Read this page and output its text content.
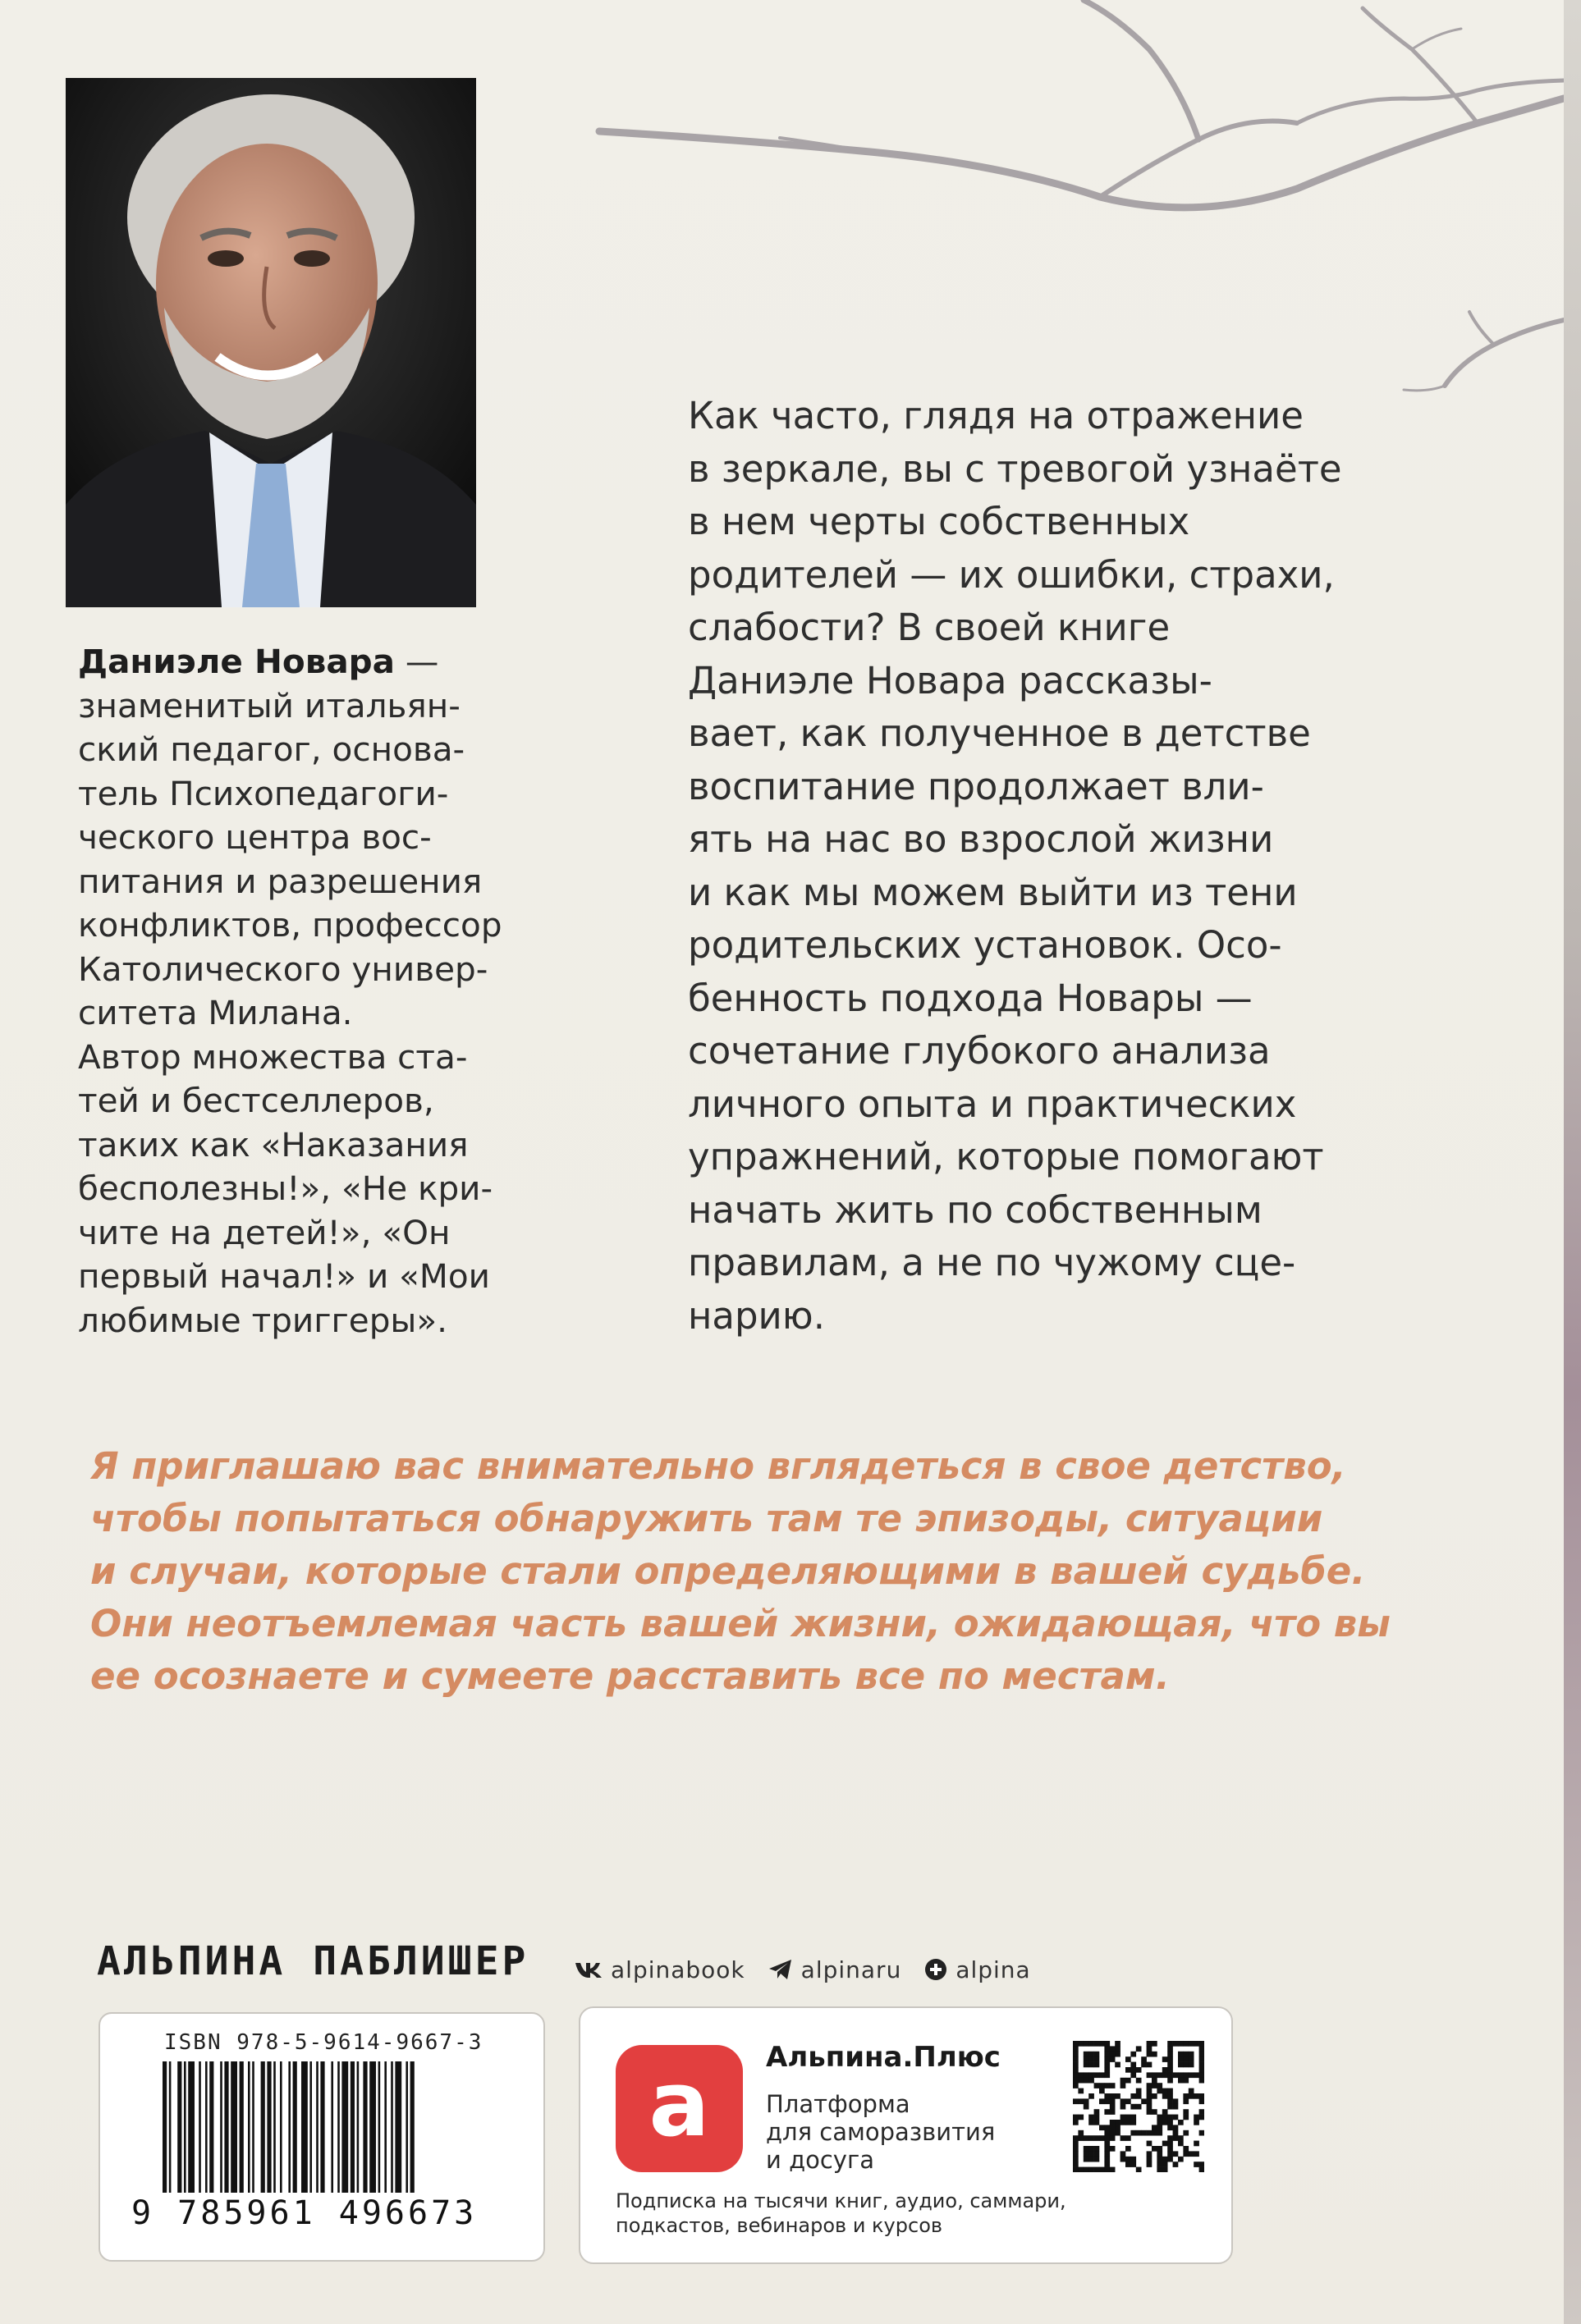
Даниэле Новара —
знаменитый итальян-
ский педагог, основа-
тель Психопедагоги-
ческого центра вос-
питания и разрешения
конфликтов, профессор
Католического универ-
ситета Милана.
Автор множества ста-
тей и бестселлеров,
таких как «Наказания
бесполезны!», «Не кри-
чите на детей!», «Он
первый начал!» и «Мои
любимые триггеры».
Как часто, глядя на отражение
в зеркале, вы с тревогой узнаёте
в нем черты собственных
родителей — их ошибки, страхи,
слабости? В своей книге
Даниэле Новара рассказы-
вает, как полученное в детстве
воспитание продолжает вли-
ять на нас во взрослой жизни
и как мы можем выйти из тени
родительских установок. Осо-
бенность подхода Новары —
сочетание глубокого анализа
личного опыта и практических
упражнений, которые помогают
начать жить по собственным
правилам, а не по чужому сце-
нарию.
Я приглашаю вас внимательно вглядеться в свое детство,
чтобы попытаться обнаружить там те эпизоды, ситуации
и случаи, которые стали определяющими в вашей судьбе.
Они неотъемлемая часть вашей жизни, ожидающая, что вы
ее осознаете и сумеете расставить все по местам.
АЛЬПИНА ПАБЛИШЕР	alpinabook alpinaru alpina
ISBN 978-5-9614-9667-3
9 785961 496673
а Альпина.Плюс
Платформа
для саморазвития
и досуга
Подписка на тысячи книг, аудио, саммари,
подкастов, вебинаров и курсов
